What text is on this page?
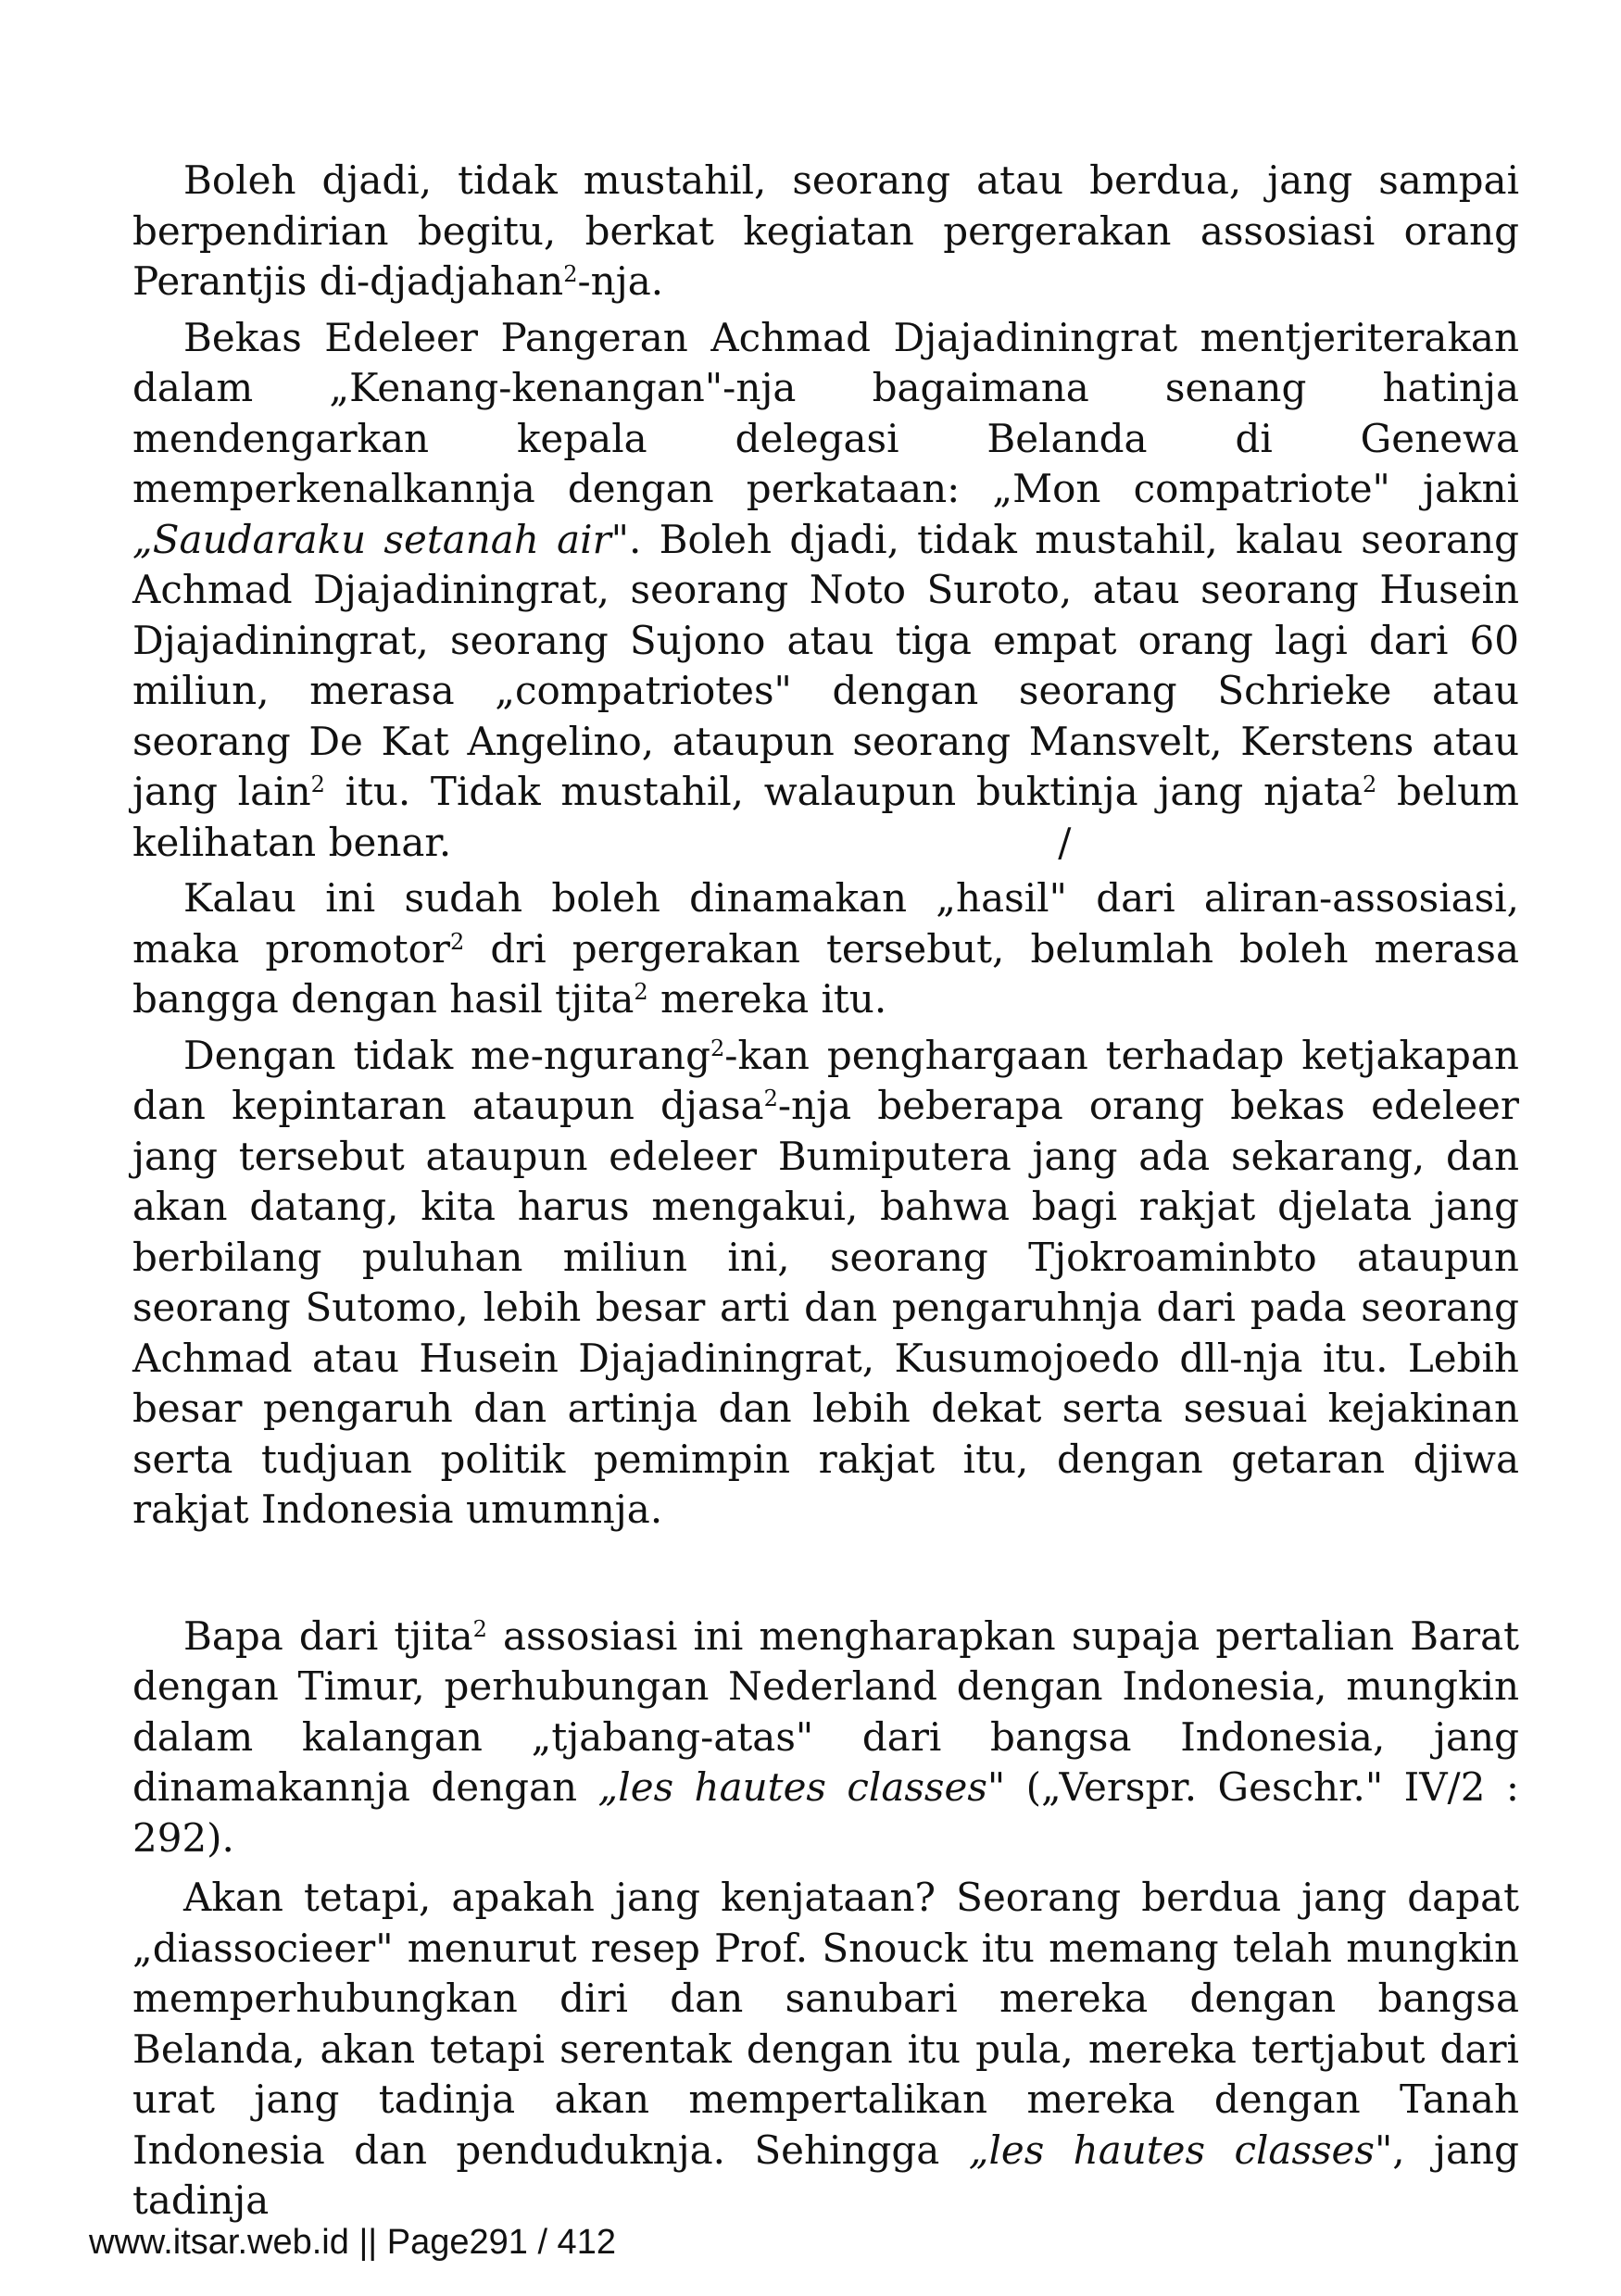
Boleh djadi, tidak mustahil, seorang atau berdua, jang sampai berpendirian begitu, berkat kegiatan pergerakan assosiasi orang Perantjis di-djadjahan$^2$-nja.

Bekas Edeleer Pangeran Achmad Djajadiningrat mentjeriterakan dalam „Kenang-kenangan"-nja bagaimana senang hatinja mendengarkan kepala delegasi Belanda di Genewa memperkenalkannja dengan perkataan: „Mon compatriote" jakni „Saudaraku setanah air". Boleh djadi, tidak mustahil, kalau seorang Achmad Djajadiningrat, seorang Noto Suroto, atau seorang Husein Djajadiningrat, seorang Sujono atau tiga empat orang lagi dari 60 miliun, merasa „compatriotes" dengan seorang Schrieke atau seorang De Kat Angelino, ataupun seorang Mansvelt, Kerstens atau jang lain$^2$ itu. Tidak mustahil, walaupun buktinja jang njata$^2$ belum kelihatan benar.	/

Kalau ini sudah boleh dinamakan „hasil" dari aliran-assosiasi, maka promotor$^2$ dri pergerakan tersebut, belumlah boleh merasa bangga dengan hasil tjita$^2$ mereka itu.

Dengan tidak me-ngurang$^2$-kan penghargaan terhadap ketjakapan dan kepintaran ataupun djasa$^2$-nja beberapa orang bekas edeleer jang tersebut ataupun edeleer Bumiputera jang ada sekarang, dan akan datang, kita harus mengakui, bahwa bagi rakjat djelata jang berbilang puluhan miliun ini, seorang Tjokroaminbto ataupun seorang Sutomo, lebih besar arti dan pengaruhnja dari pada seorang Achmad atau Husein Djajadiningrat, Kusumojoedo dll-nja itu. Lebih besar pengaruh dan artinja dan lebih dekat serta sesuai kejakinan serta tudjuan politik pemimpin rakjat itu, dengan getaran djiwa rakjat Indonesia umumnja.

Bapa dari tjita$^2$ assosiasi ini mengharapkan supaja pertalian Barat dengan Timur, perhubungan Nederland dengan Indonesia, mungkin dalam kalangan „tjabang-atas" dari bangsa Indonesia, jang dinamakannja dengan „les hautes classes" („Verspr. Geschr." IV/2 : 292).

Akan tetapi, apakah jang kenjataan? Seorang berdua jang dapat „diassocieer" menurut resep Prof. Snouck itu memang telah mungkin memperhubungkan diri dan sanubari mereka dengan bangsa Belanda, akan tetapi serentak dengan itu pula, mereka tertjabut dari urat jang tadinja akan mempertalikan mereka dengan Tanah Indonesia dan penduduknja. Sehingga „les hautes classes", jang tadinja

www.itsar.web.id || Page291 / 412
